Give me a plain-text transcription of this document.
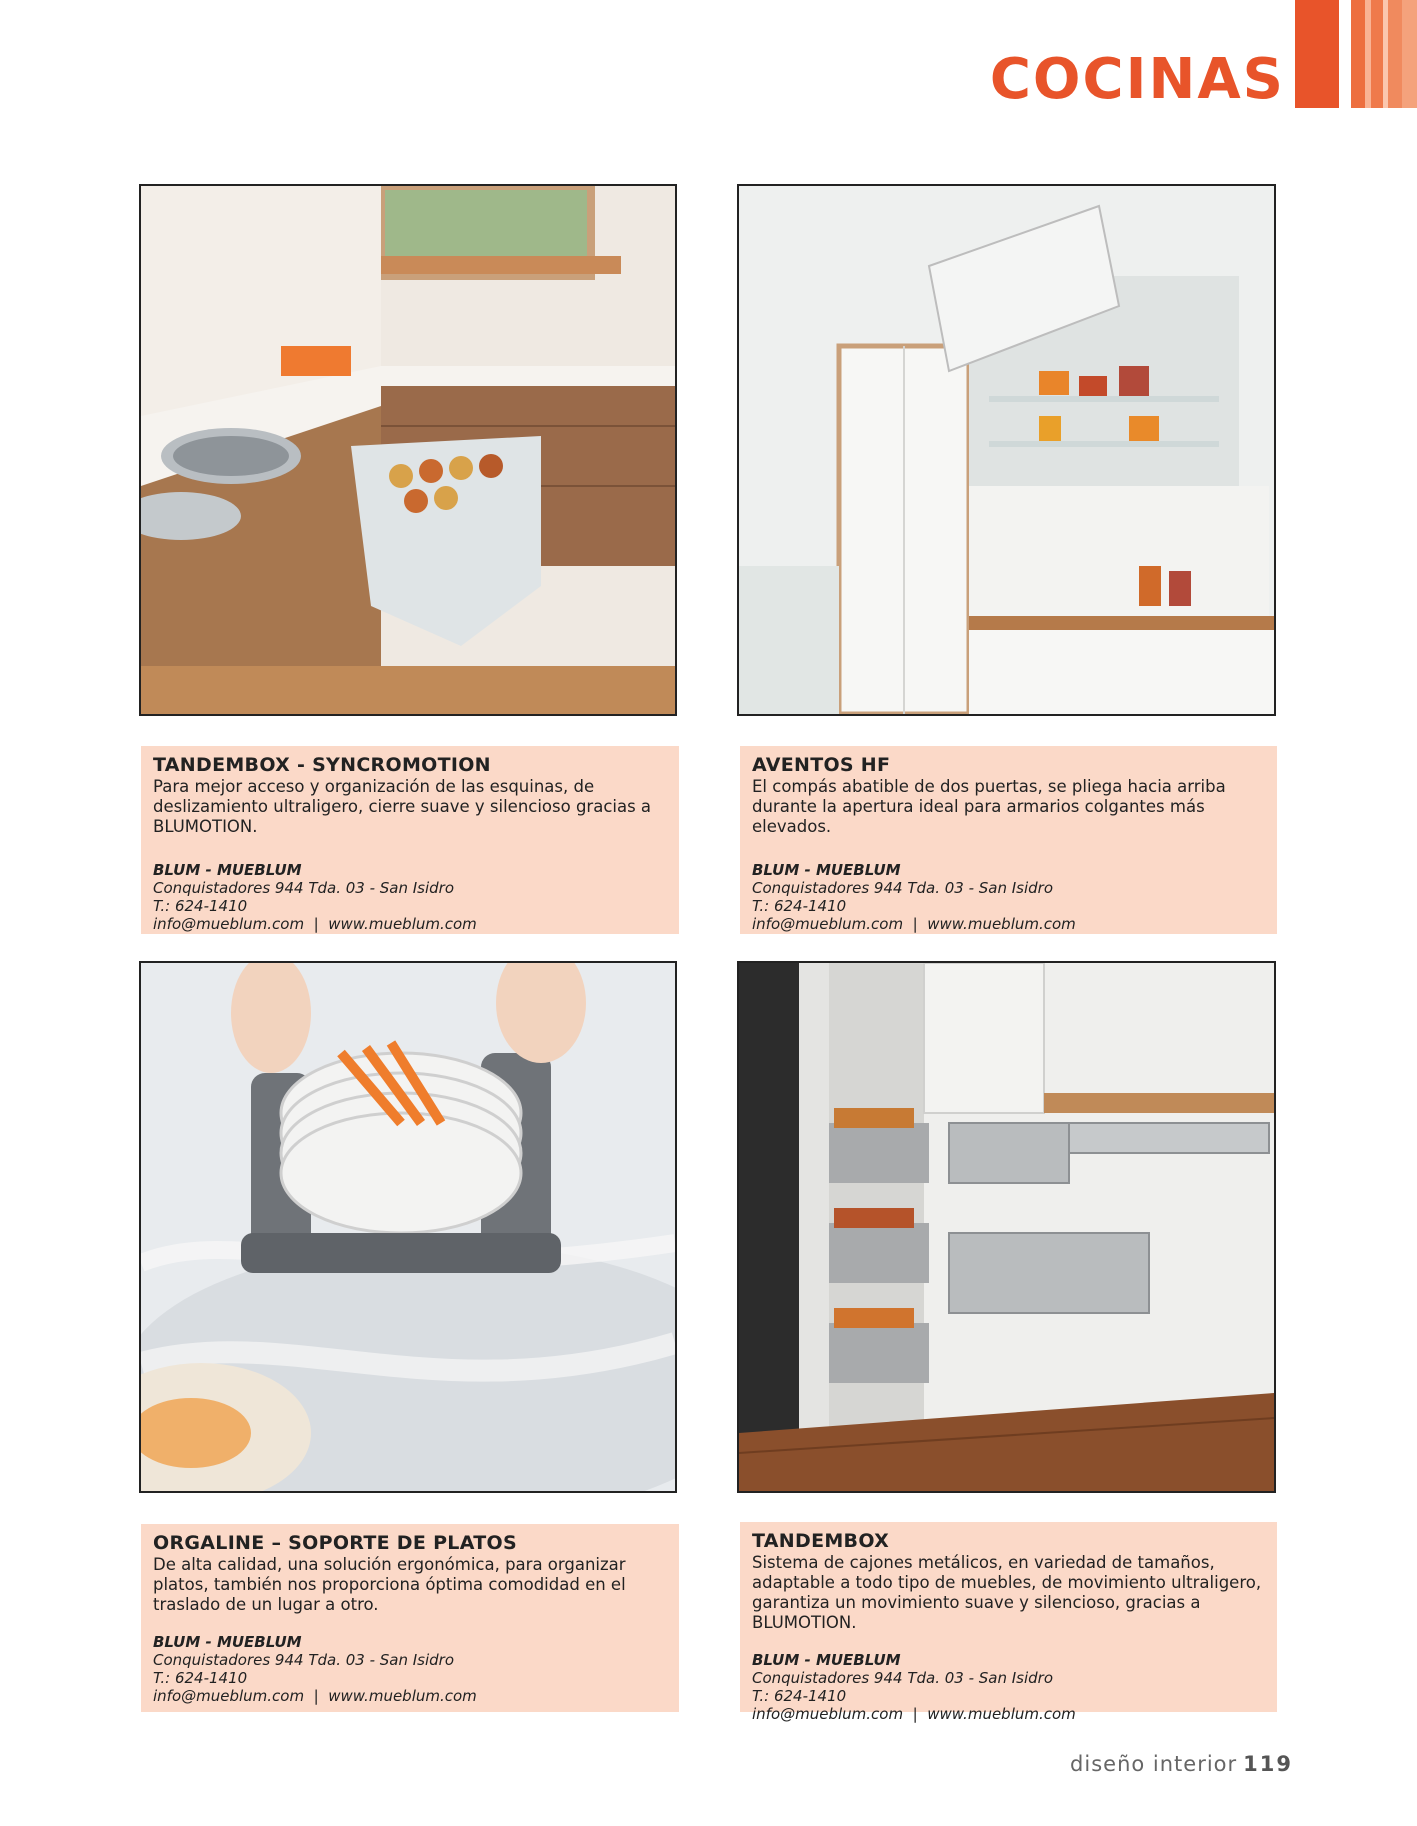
COCINAS
TANDEMBOX - SYNCROMOTION
Para mejor acceso y organización de las esquinas, de deslizamiento ultraligero, cierre suave y silencioso gracias a BLUMOTION.
BLUM - MUEBLUM
Conquistadores 944 Tda. 03 - San Isidro
T.: 624-1410
info@mueblum.com  |  www.mueblum.com
AVENTOS HF
El compás abatible de dos puertas, se pliega hacia arriba durante la apertura ideal para armarios colgantes más elevados.
BLUM - MUEBLUM
Conquistadores 944 Tda. 03 - San Isidro
T.: 624-1410
info@mueblum.com  |  www.mueblum.com
ORGALINE – SOPORTE DE PLATOS
De alta calidad, una solución ergonómica, para organizar platos, también nos proporciona óptima comodidad en el traslado de un lugar a otro.
BLUM - MUEBLUM
Conquistadores 944 Tda. 03 - San Isidro
T.: 624-1410
info@mueblum.com  |  www.mueblum.com
TANDEMBOX
Sistema de cajones metálicos, en variedad de tamaños, adaptable a todo tipo de muebles, de movimiento ultraligero, garantiza un movimiento suave y silencioso, gracias a BLUMOTION.
BLUM - MUEBLUM
Conquistadores 944 Tda. 03 - San Isidro
T.: 624-1410
info@mueblum.com  |  www.mueblum.com
diseño interior 119
